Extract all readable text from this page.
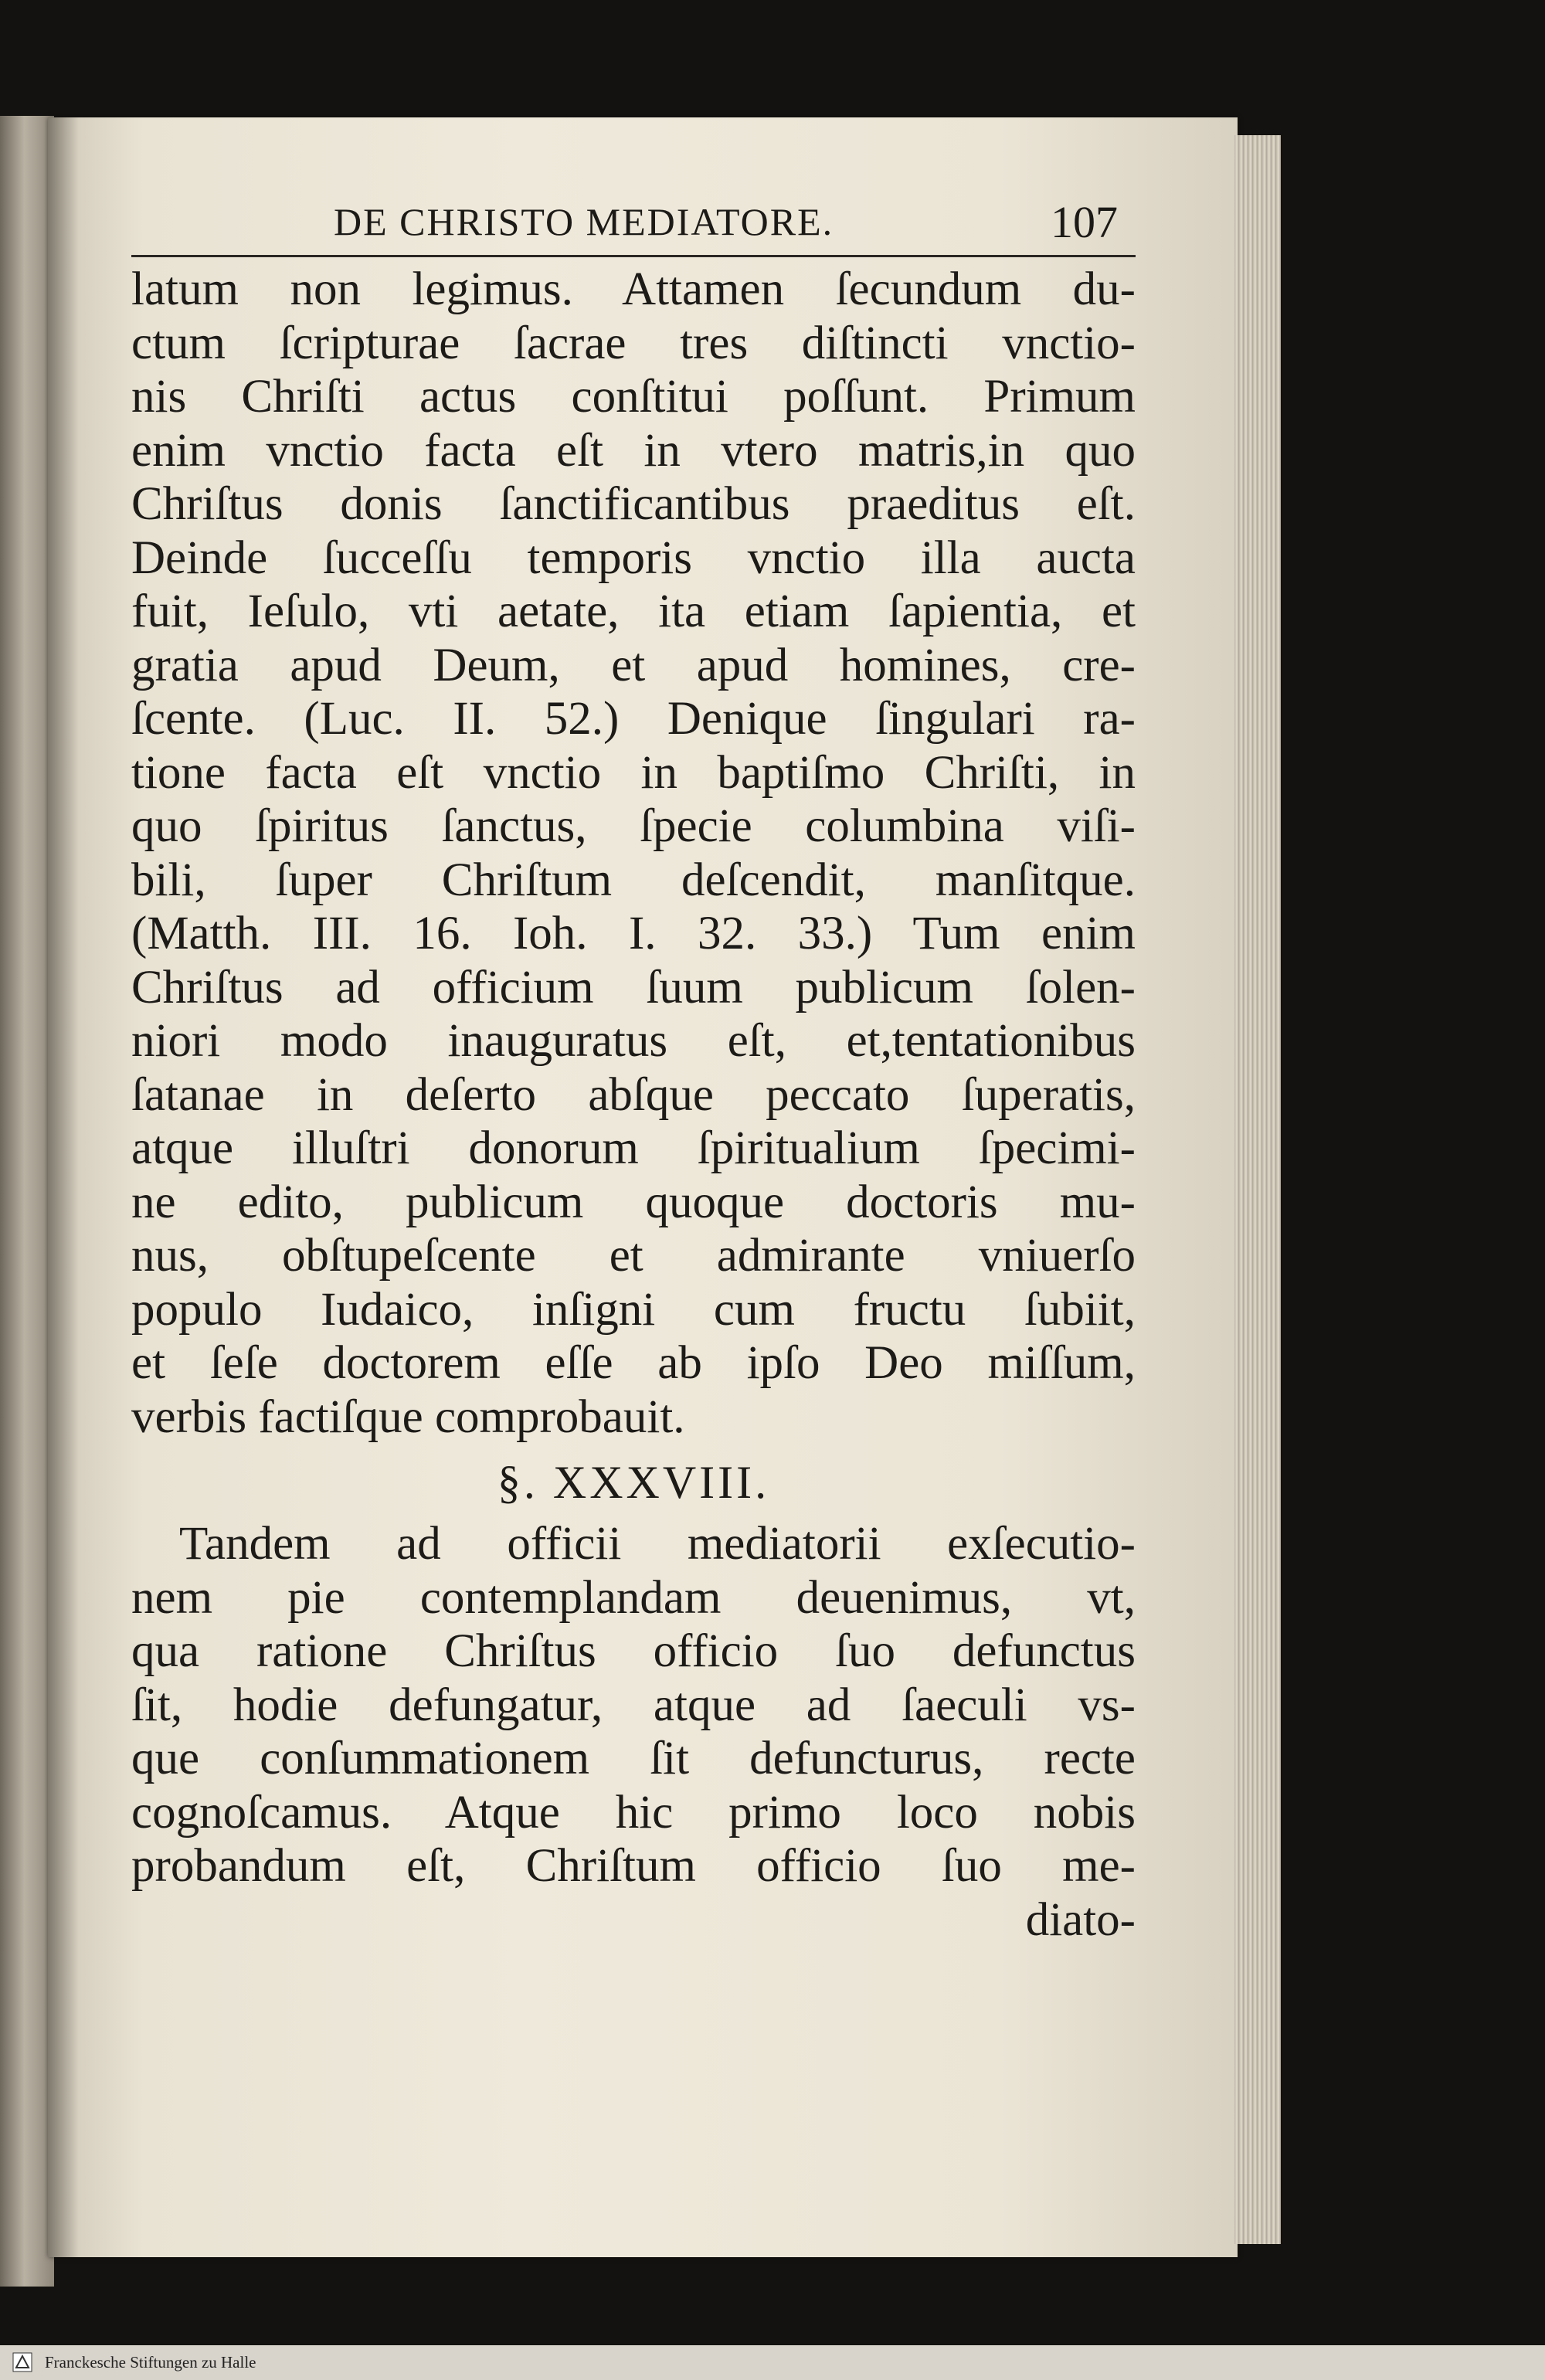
DE CHRISTO MEDIATORE.	107
latum non legimus. Attamen ſecundum du-
ctum ſcripturae ſacrae tres diſtincti vnctio-
nis Chriſti actus conſtitui poſſunt. Primum
enim vnctio facta eſt in vtero matris,in quo
Chriſtus donis ſanctificantibus praeditus eſt.
Deinde ſucceſſu temporis vnctio illa aucta
fuit, Ieſulo, vti aetate, ita etiam ſapientia, et
gratia apud Deum, et apud homines, cre-
ſcente. (Luc. II. 52.) Denique ſingulari ra-
tione facta eſt vnctio in baptiſmo Chriſti, in
quo ſpiritus ſanctus, ſpecie columbina viſi-
bili, ſuper Chriſtum deſcendit, manſitque.
(Matth. III. 16. Ioh. I. 32. 33.) Tum enim
Chriſtus ad officium ſuum publicum ſolen-
niori modo inauguratus eſt, et,tentationibus
ſatanae in deſerto abſque peccato ſuperatis,
atque illuſtri donorum ſpiritualium ſpecimi-
ne edito, publicum quoque doctoris mu-
nus, obſtupeſcente et admirante vniuerſo
populo Iudaico, inſigni cum fructu ſubiit,
et ſeſe doctorem eſſe ab ipſo Deo miſſum,
verbis factiſque comprobauit.
§. XXXVIII.
Tandem ad officii mediatorii exſecutio-
nem pie contemplandam deuenimus, vt,
qua ratione Chriſtus officio ſuo defunctus
ſit, hodie defungatur, atque ad ſaeculi vs-
que conſummationem ſit defuncturus, recte
cognoſcamus. Atque hic primo loco nobis
probandum eſt, Chriſtum officio ſuo me-
diato-
Franckesche Stiftungen zu Halle
